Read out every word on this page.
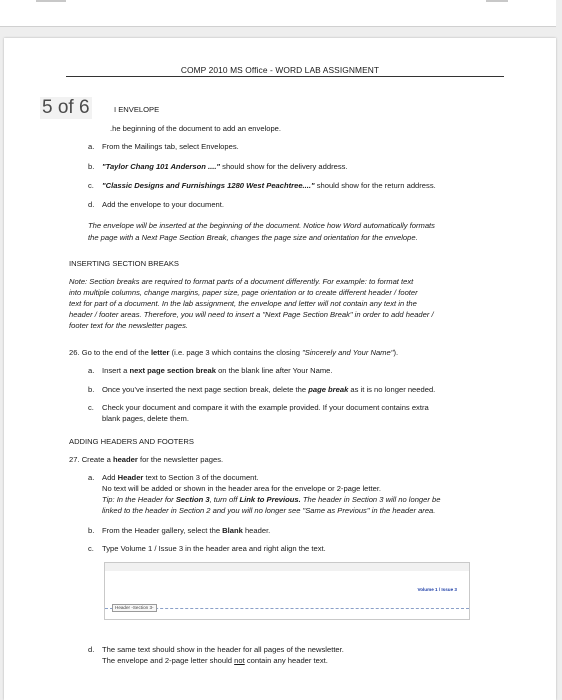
COMP 2010 MS Office - WORD LAB ASSIGNMENT
5 of 6	I ENVELOPE
.he beginning of the document to add an envelope.
a. From the Mailings tab, select Envelopes.
b. "Taylor Chang 101 Anderson ...." should show for the delivery address.
c. "Classic Designs and Furnishings 1280 West Peachtree...." should show for the return address.
d. Add the envelope to your document.
The envelope will be inserted at the beginning of the document. Notice how Word automatically formats
the page with a Next Page Section Break, changes the page size and orientation for the envelope.
INSERTING SECTION BREAKS
Note: Section breaks are required to format parts of a document differently. For example: to format text
into multiple columns, change margins, paper size, page orientation or to create different header / footer
text for part of a document. In the lab assignment, the envelope and letter will not contain any text in the
header / footer areas. Therefore, you will need to insert a "Next Page Section Break" in order to add header /
footer text for the newsletter pages.
26. Go to the end of the letter (i.e. page 3 which contains the closing "Sincerely and Your Name").
a. Insert a next page section break on the blank line after Your Name.
b. Once you've inserted the next page section break, delete the page break as it is no longer needed.
c. Check your document and compare it with the example provided. If your document contains extra
blank pages, delete them.
ADDING HEADERS AND FOOTERS
27. Create a header for the newsletter pages.
a. Add Header text to Section 3 of the document.
No text will be added or shown in the header area for the envelope or 2-page letter.
Tip: In the Header for Section 3, turn off Link to Previous. The header in Section 3 will no longer be
linked to the header in Section 2 and you will no longer see "Same as Previous" in the header area.
b. From the Header gallery, select the Blank header.
c. Type Volume 1 / Issue 3 in the header area and right align the text.
Volume 1 / Issue 3
Header -Section 3-
d. The same text should show in the header for all pages of the newsletter.
The envelope and 2-page letter should not contain any header text.
